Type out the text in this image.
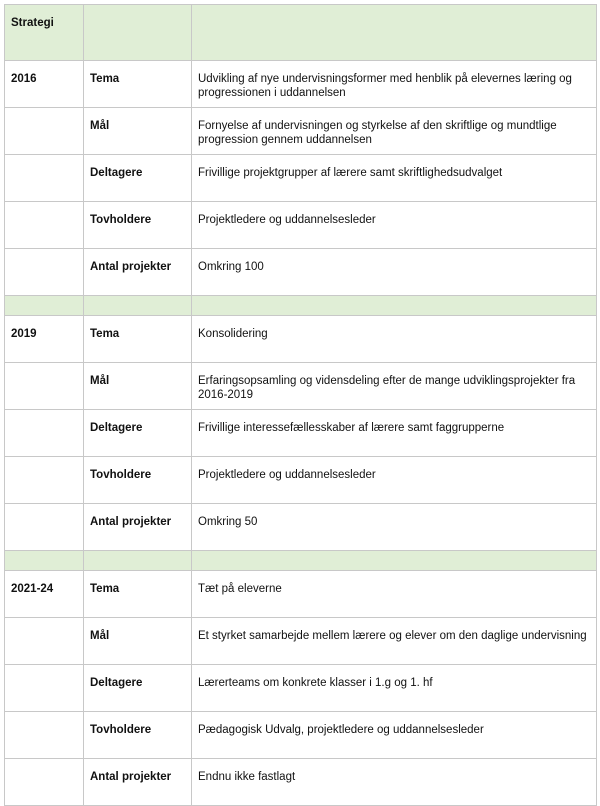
Strategi		
2016	Tema	Udvikling af nye undervisningsformer med henblik på elevernes læring og progressionen i uddannelsen
	Mål	Fornyelse af undervisningen og styrkelse af den skriftlige og mundtlige progression gennem uddannelsen
	Deltagere	Frivillige projektgrupper af lærere samt skriftlighedsudvalget
	Tovholdere	Projektledere og uddannelsesleder
	Antal projekter	Omkring 100

2019	Tema	Konsolidering
	Mål	Erfaringsopsamling og vidensdeling efter de mange udviklingsprojekter fra 2016-2019
	Deltagere	Frivillige interessefællesskaber af lærere samt faggrupperne
	Tovholdere	Projektledere og uddannelsesleder
	Antal projekter	Omkring 50

2021-24	Tema	Tæt på eleverne
	Mål	Et styrket samarbejde mellem lærere og elever om den daglige undervisning
	Deltagere	Lærerteams om konkrete klasser i 1.g og 1. hf
	Tovholdere	Pædagogisk Udvalg, projektledere og uddannelsesleder
	Antal projekter	Endnu ikke fastlagt
